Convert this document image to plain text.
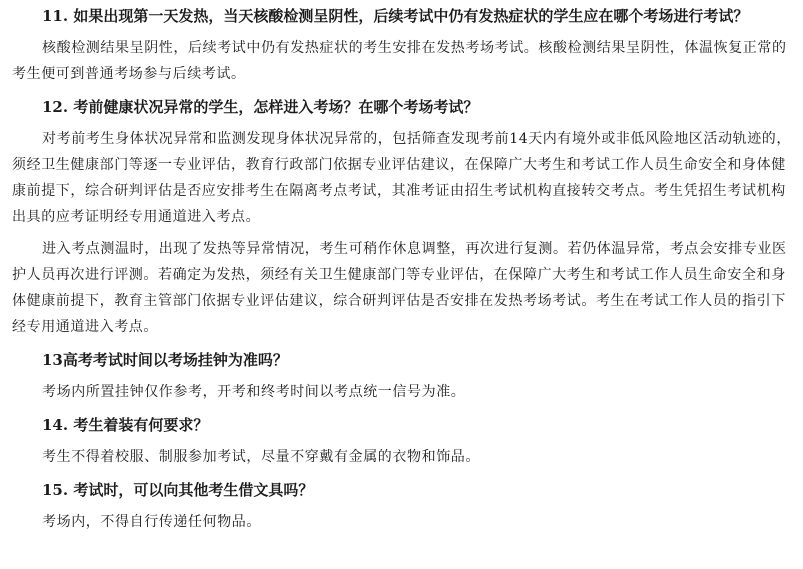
11. 如果出现第一天发热，当天核酸检测呈阴性，后续考试中仍有发热症状的学生应在哪个考场进行考试？

核酸检测结果呈阴性，后续考试中仍有发热症状的考生安排在发热考场考试。核酸检测结果呈阴性，体温恢复正常的考生便可到普通考场参与后续考试。

12. 考前健康状况异常的学生，怎样进入考场？在哪个考场考试？

对考前考生身体状况异常和监测发现身体状况异常的，包括筛查发现考前14天内有境外或非低风险地区活动轨迹的，须经卫生健康部门等逐一专业评估，教育行政部门依据专业评估建议，在保障广大考生和考试工作人员生命安全和身体健康前提下，综合研判评估是否应安排考生在隔离考点考试，其准考证由招生考试机构直接转交考点。考生凭招生考试机构出具的应考证明经专用通道进入考点。

进入考点测温时，出现了发热等异常情况，考生可稍作休息调整，再次进行复测。若仍体温异常，考点会安排专业医护人员再次进行评测。若确定为发热，须经有关卫生健康部门等专业评估，在保障广大考生和考试工作人员生命安全和身体健康前提下，教育主管部门依据专业评估建议，综合研判评估是否安排在发热考场考试。考生在考试工作人员的指引下经专用通道进入考点。

13高考考试时间以考场挂钟为准吗？

考场内所置挂钟仅作参考，开考和终考时间以考点统一信号为准。

14. 考生着装有何要求？

考生不得着校服、制服参加考试，尽量不穿戴有金属的衣物和饰品。

15. 考试时，可以向其他考生借文具吗？

考场内，不得自行传递任何物品。
